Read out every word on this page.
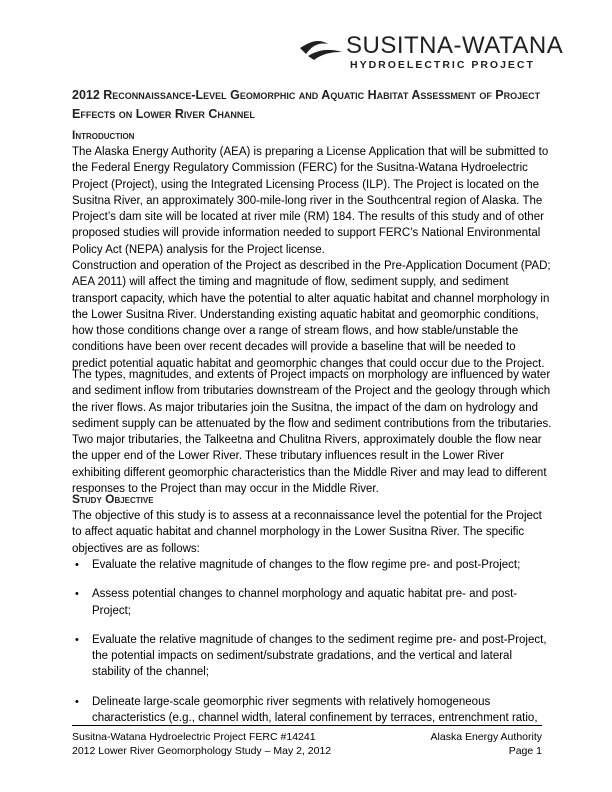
SUSITNA-WATANA
HYDROELECTRIC PROJECT
2012 Reconnaissance-Level Geomorphic and Aquatic Habitat Assessment of Project Effects on Lower River Channel
Introduction

The Alaska Energy Authority (AEA) is preparing a License Application that will be submitted to the Federal Energy Regulatory Commission (FERC) for the Susitna-Watana Hydroelectric Project (Project), using the Integrated Licensing Process (ILP). The Project is located on the Susitna River, an approximately 300-mile-long river in the Southcentral region of Alaska. The Project’s dam site will be located at river mile (RM) 184. The results of this study and of other proposed studies will provide information needed to support FERC’s National Environmental Policy Act (NEPA) analysis for the Project license.

Construction and operation of the Project as described in the Pre-Application Document (PAD; AEA 2011) will affect the timing and magnitude of flow, sediment supply, and sediment transport capacity, which have the potential to alter aquatic habitat and channel morphology in the Lower Susitna River. Understanding existing aquatic habitat and geomorphic conditions, how those conditions change over a range of stream flows, and how stable/unstable the conditions have been over recent decades will provide a baseline that will be needed to predict potential aquatic habitat and geomorphic changes that could occur due to the Project.

The types, magnitudes, and extents of Project impacts on morphology are influenced by water and sediment inflow from tributaries downstream of the Project and the geology through which the river flows. As major tributaries join the Susitna, the impact of the dam on hydrology and sediment supply can be attenuated by the flow and sediment contributions from the tributaries. Two major tributaries, the Talkeetna and Chulitna Rivers, approximately double the flow near the upper end of the Lower River. These tributary influences result in the Lower River exhibiting different geomorphic characteristics than the Middle River and may lead to different responses to the Project than may occur in the Middle River.

Study Objective

The objective of this study is to assess at a reconnaissance level the potential for the Project to affect aquatic habitat and channel morphology in the Lower Susitna River. The specific objectives are as follows:

• Evaluate the relative magnitude of changes to the flow regime pre- and post-Project;
• Assess potential changes to channel morphology and aquatic habitat pre- and post-Project;
• Evaluate the relative magnitude of changes to the sediment regime pre- and post-Project, the potential impacts on sediment/substrate gradations, and the vertical and lateral stability of the channel;
• Delineate large-scale geomorphic river segments with relatively homogeneous characteristics (e.g., channel width, lateral confinement by terraces, entrenchment ratio,
Susitna-Watana Hydroelectric Project FERC #14241
2012 Lower River Geomorphology Study – May 2, 2012
Alaska Energy Authority
Page 1
